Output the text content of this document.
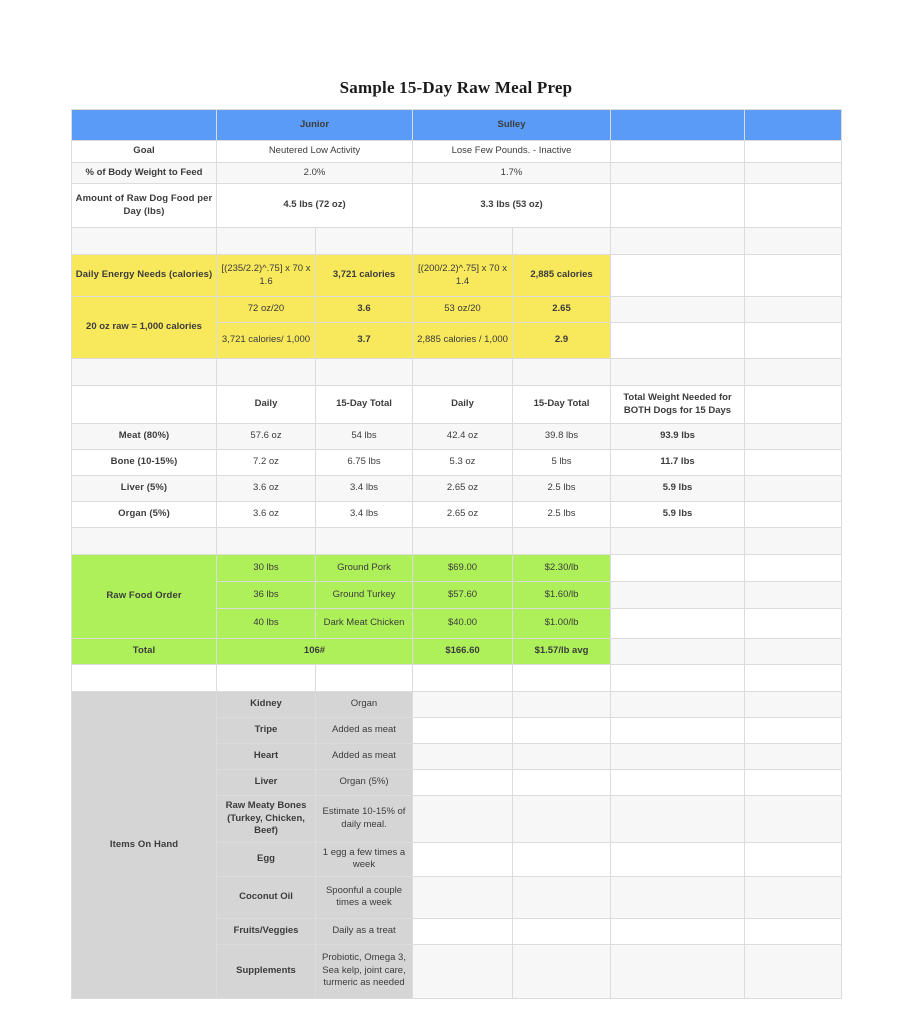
Sample 15-Day Raw Meal Prep
	Junior		Sulley			
Goal	Neutered Low Activity		Lose Few Pounds. - Inactive			
% of Body Weight to Feed	2.0%		1.7%			
Amount of Raw Dog Food per Day (lbs)	4.5 lbs (72 oz)		3.3 lbs (53 oz)			

Daily Energy Needs (calories)	[(235/2.2)^.75] x 70 x 1.6	3,721 calories	[(200/2.2)^.75] x 70 x 1.4	2,885 calories		
20 oz raw = 1,000 calories	72 oz/20	3.6	53 oz/20	2.65		
	3,721 calories/ 1,000	3.7	2,885 calories / 1,000	2.9		

	Daily	15-Day Total	Daily	15-Day Total	Total Weight Needed for BOTH Dogs for 15 Days	
Meat (80%)	57.6 oz	54 lbs	42.4 oz	39.8 lbs	93.9 lbs	
Bone (10-15%)	7.2 oz	6.75 lbs	5.3 oz	5 lbs	11.7 lbs	
Liver (5%)	3.6 oz	3.4 lbs	2.65 oz	2.5 lbs	5.9 lbs	
Organ (5%)	3.6 oz	3.4 lbs	2.65 oz	2.5 lbs	5.9 lbs	

Raw Food Order	30 lbs	Ground Pork	$69.00	$2.30/lb		
	36 lbs	Ground Turkey	$57.60	$1.60/lb		
	40 lbs	Dark Meat Chicken	$40.00	$1.00/lb		
Total	106#		$166.60	$1.57/lb avg		

Items On Hand	Kidney	Organ				
	Tripe	Added as meat				
	Heart	Added as meat				
	Liver	Organ (5%)				
	Raw Meaty Bones (Turkey, Chicken, Beef)	Estimate 10-15% of daily meal.				
	Egg	1 egg a few times a week				
	Coconut Oil	Spoonful a couple times a week				
	Fruits/Veggies	Daily as a treat				
	Supplements	Probiotic, Omega 3, Sea kelp, joint care, turmeric as needed				
